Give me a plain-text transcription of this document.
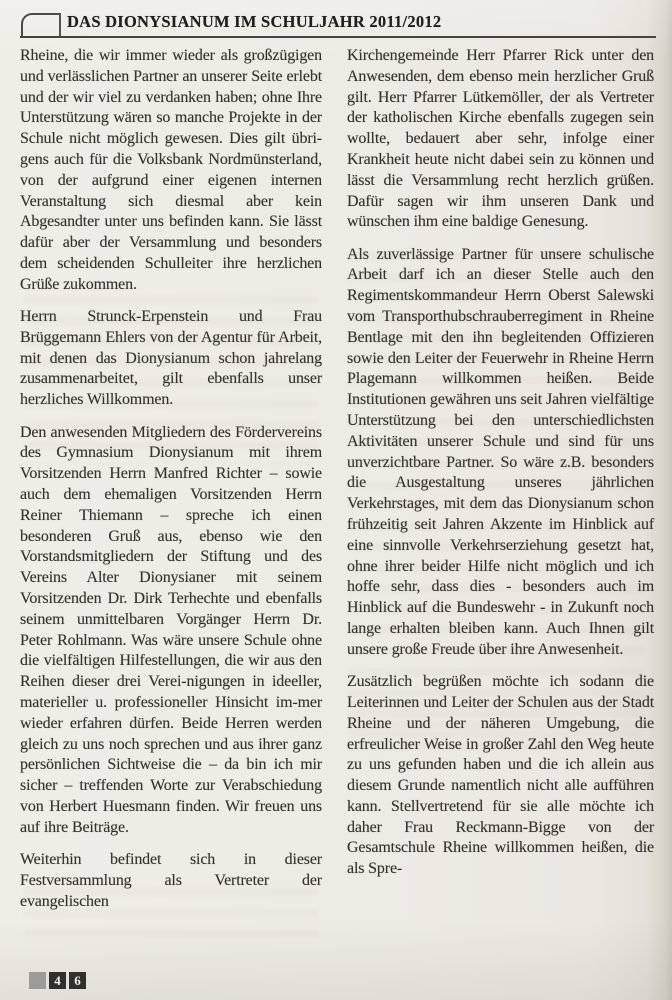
DAS DIONYSIANUM IM SCHULJAHR 2011/2012

Rheine, die wir immer wieder als großzügigen und verlässlichen Partner an unserer Seite erlebt und der wir viel zu verdanken haben; ohne Ihre Unterstützung wären so manche Projekte in der Schule nicht möglich gewesen. Dies gilt übri- gens auch für die Volksbank Nordmünsterland, von der aufgrund einer eigenen internen Veranstaltung sich diesmal aber kein Abgesandter unter uns befinden kann. Sie lässt dafür aber der Versammlung und besonders dem scheidenden Schulleiter ihre herzlichen Grüße zukommen.

Herrn Strunck-Erpenstein und Frau Brüggemann Ehlers von der Agentur für Arbeit, mit denen das Dionysianum schon jahrelang zusammenarbeitet, gilt ebenfalls unser herzliches Willkommen.

Den anwesenden Mitgliedern des Fördervereins des Gymnasium Dionysianum mit ihrem Vorsitzenden Herrn Manfred Richter – sowie auch dem ehemaligen Vorsitzenden Herrn Reiner Thiemann – spreche ich einen besonderen Gruß aus, ebenso wie den Vorstandsmitgliedern der Stiftung und des Vereins Alter Dionysianer mit seinem Vorsitzenden Dr. Dirk Terhechte und ebenfalls seinem unmittelbaren Vorgänger Herrn Dr. Peter Rohlmann. Was wäre unsere Schule ohne die vielfältigen Hilfestellungen, die wir aus den Reihen dieser drei Verei-nigungen in ideeller, materieller u. professioneller Hinsicht im-mer wieder erfahren dürfen. Beide Herren werden gleich zu uns noch sprechen und aus ihrer ganz persönlichen Sichtweise die – da bin ich mir sicher – treffenden Worte zur Verabschiedung von Herbert Huesmann finden. Wir freuen uns auf ihre Beiträge.

Weiterhin befindet sich in dieser Festversammlung als Vertreter der evangelischen

Kirchengemeinde Herr Pfarrer Rick unter den Anwesenden, dem ebenso mein herzlicher Gruß gilt. Herr Pfarrer Lütkemöller, der als Vertreter der katholischen Kirche ebenfalls zugegen sein wollte, bedauert aber sehr, infolge einer Krankheit heute nicht dabei sein zu können und lässt die Versammlung recht herzlich grüßen. Dafür sagen wir ihm unseren Dank und wünschen ihm eine baldige Genesung.

Als zuverlässige Partner für unsere schulische Arbeit darf ich an dieser Stelle auch den Regimentskommandeur Herrn Oberst Salewski vom Transporthubschrauberregiment in Rheine Bentlage mit den ihn begleitenden Offizieren sowie den Leiter der Feuerwehr in Rheine Herrn Plagemann willkommen heißen. Beide Institutionen gewähren uns seit Jahren vielfältige Unterstützung bei den unterschiedlichsten Aktivitäten unserer Schule und sind für uns unverzichtbare Partner. So wäre z.B. besonders die Ausgestaltung unseres jährlichen Verkehrstages, mit dem das Dionysianum schon frühzeitig seit Jahren Akzente im Hinblick auf eine sinnvolle Verkehrserziehung gesetzt hat, ohne ihrer beider Hilfe nicht möglich und ich hoffe sehr, dass dies - besonders auch im Hinblick auf die Bundeswehr - in Zukunft noch lange erhalten bleiben kann. Auch Ihnen gilt unsere große Freude über ihre Anwesenheit.

Zusätzlich begrüßen möchte ich sodann die Leiterinnen und Leiter der Schulen aus der Stadt Rheine und der näheren Umgebung, die erfreulicher Weise in großer Zahl den Weg heute zu uns gefunden haben und die ich allein aus diesem Grunde namentlich nicht alle aufführen kann. Stellvertretend für sie alle möchte ich daher Frau Reckmann-Bigge von der Gesamtschule Rheine willkommen heißen, die als Spre-

4	6
